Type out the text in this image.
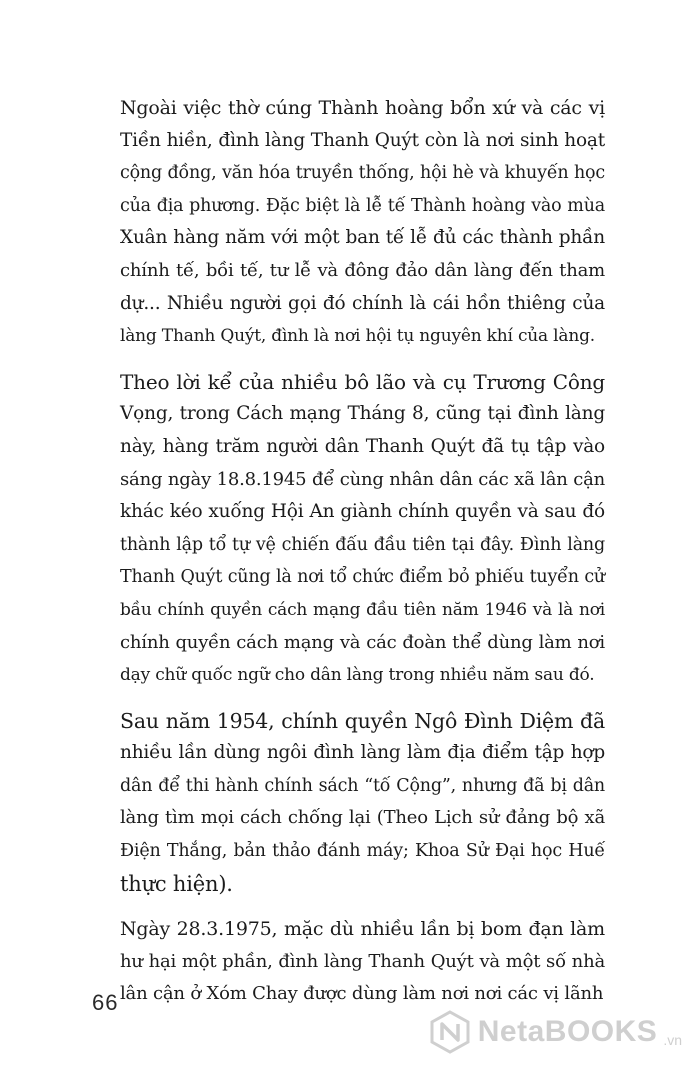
Ngoài việc thờ cúng Thành hoàng bổn xứ và các vị
Tiền hiền, đình làng Thanh Quýt còn là nơi sinh hoạt
cộng đồng, văn hóa truyền thống, hội hè và khuyến học
của địa phương. Đặc biệt là lễ tế Thành hoàng vào mùa
Xuân hàng năm với một ban tế lễ đủ các thành phần
chính tế, bồi tế, tư lễ và đông đảo dân làng đến tham
dự... Nhiều người gọi đó chính là cái hồn thiêng của
làng Thanh Quýt, đình là nơi hội tụ nguyên khí của làng.

Theo lời kể của nhiều bô lão và cụ Trương Công
Vọng, trong Cách mạng Tháng 8, cũng tại đình làng
này, hàng trăm người dân Thanh Quýt đã tụ tập vào
sáng ngày 18.8.1945 để cùng nhân dân các xã lân cận
khác kéo xuống Hội An giành chính quyền và sau đó
thành lập tổ tự vệ chiến đấu đầu tiên tại đây. Đình làng
Thanh Quýt cũng là nơi tổ chức điểm bỏ phiếu tuyển cử
bầu chính quyền cách mạng đầu tiên năm 1946 và là nơi
chính quyền cách mạng và các đoàn thể dùng làm nơi
dạy chữ quốc ngữ cho dân làng trong nhiều năm sau đó.

Sau năm 1954, chính quyền Ngô Đình Diệm đã
nhiều lần dùng ngôi đình làng làm địa điểm tập hợp
dân để thi hành chính sách “tố Cộng”, nhưng đã bị dân
làng tìm mọi cách chống lại (Theo Lịch sử đảng bộ xã
Điện Thắng, bản thảo đánh máy; Khoa Sử Đại học Huế
thực hiện).

Ngày 28.3.1975, mặc dù nhiều lần bị bom đạn làm
hư hại một phần, đình làng Thanh Quýt và một số nhà
lân cận ở Xóm Chay được dùng làm nơi nơi các vị lãnh

66
NetaBOOKS .vn
